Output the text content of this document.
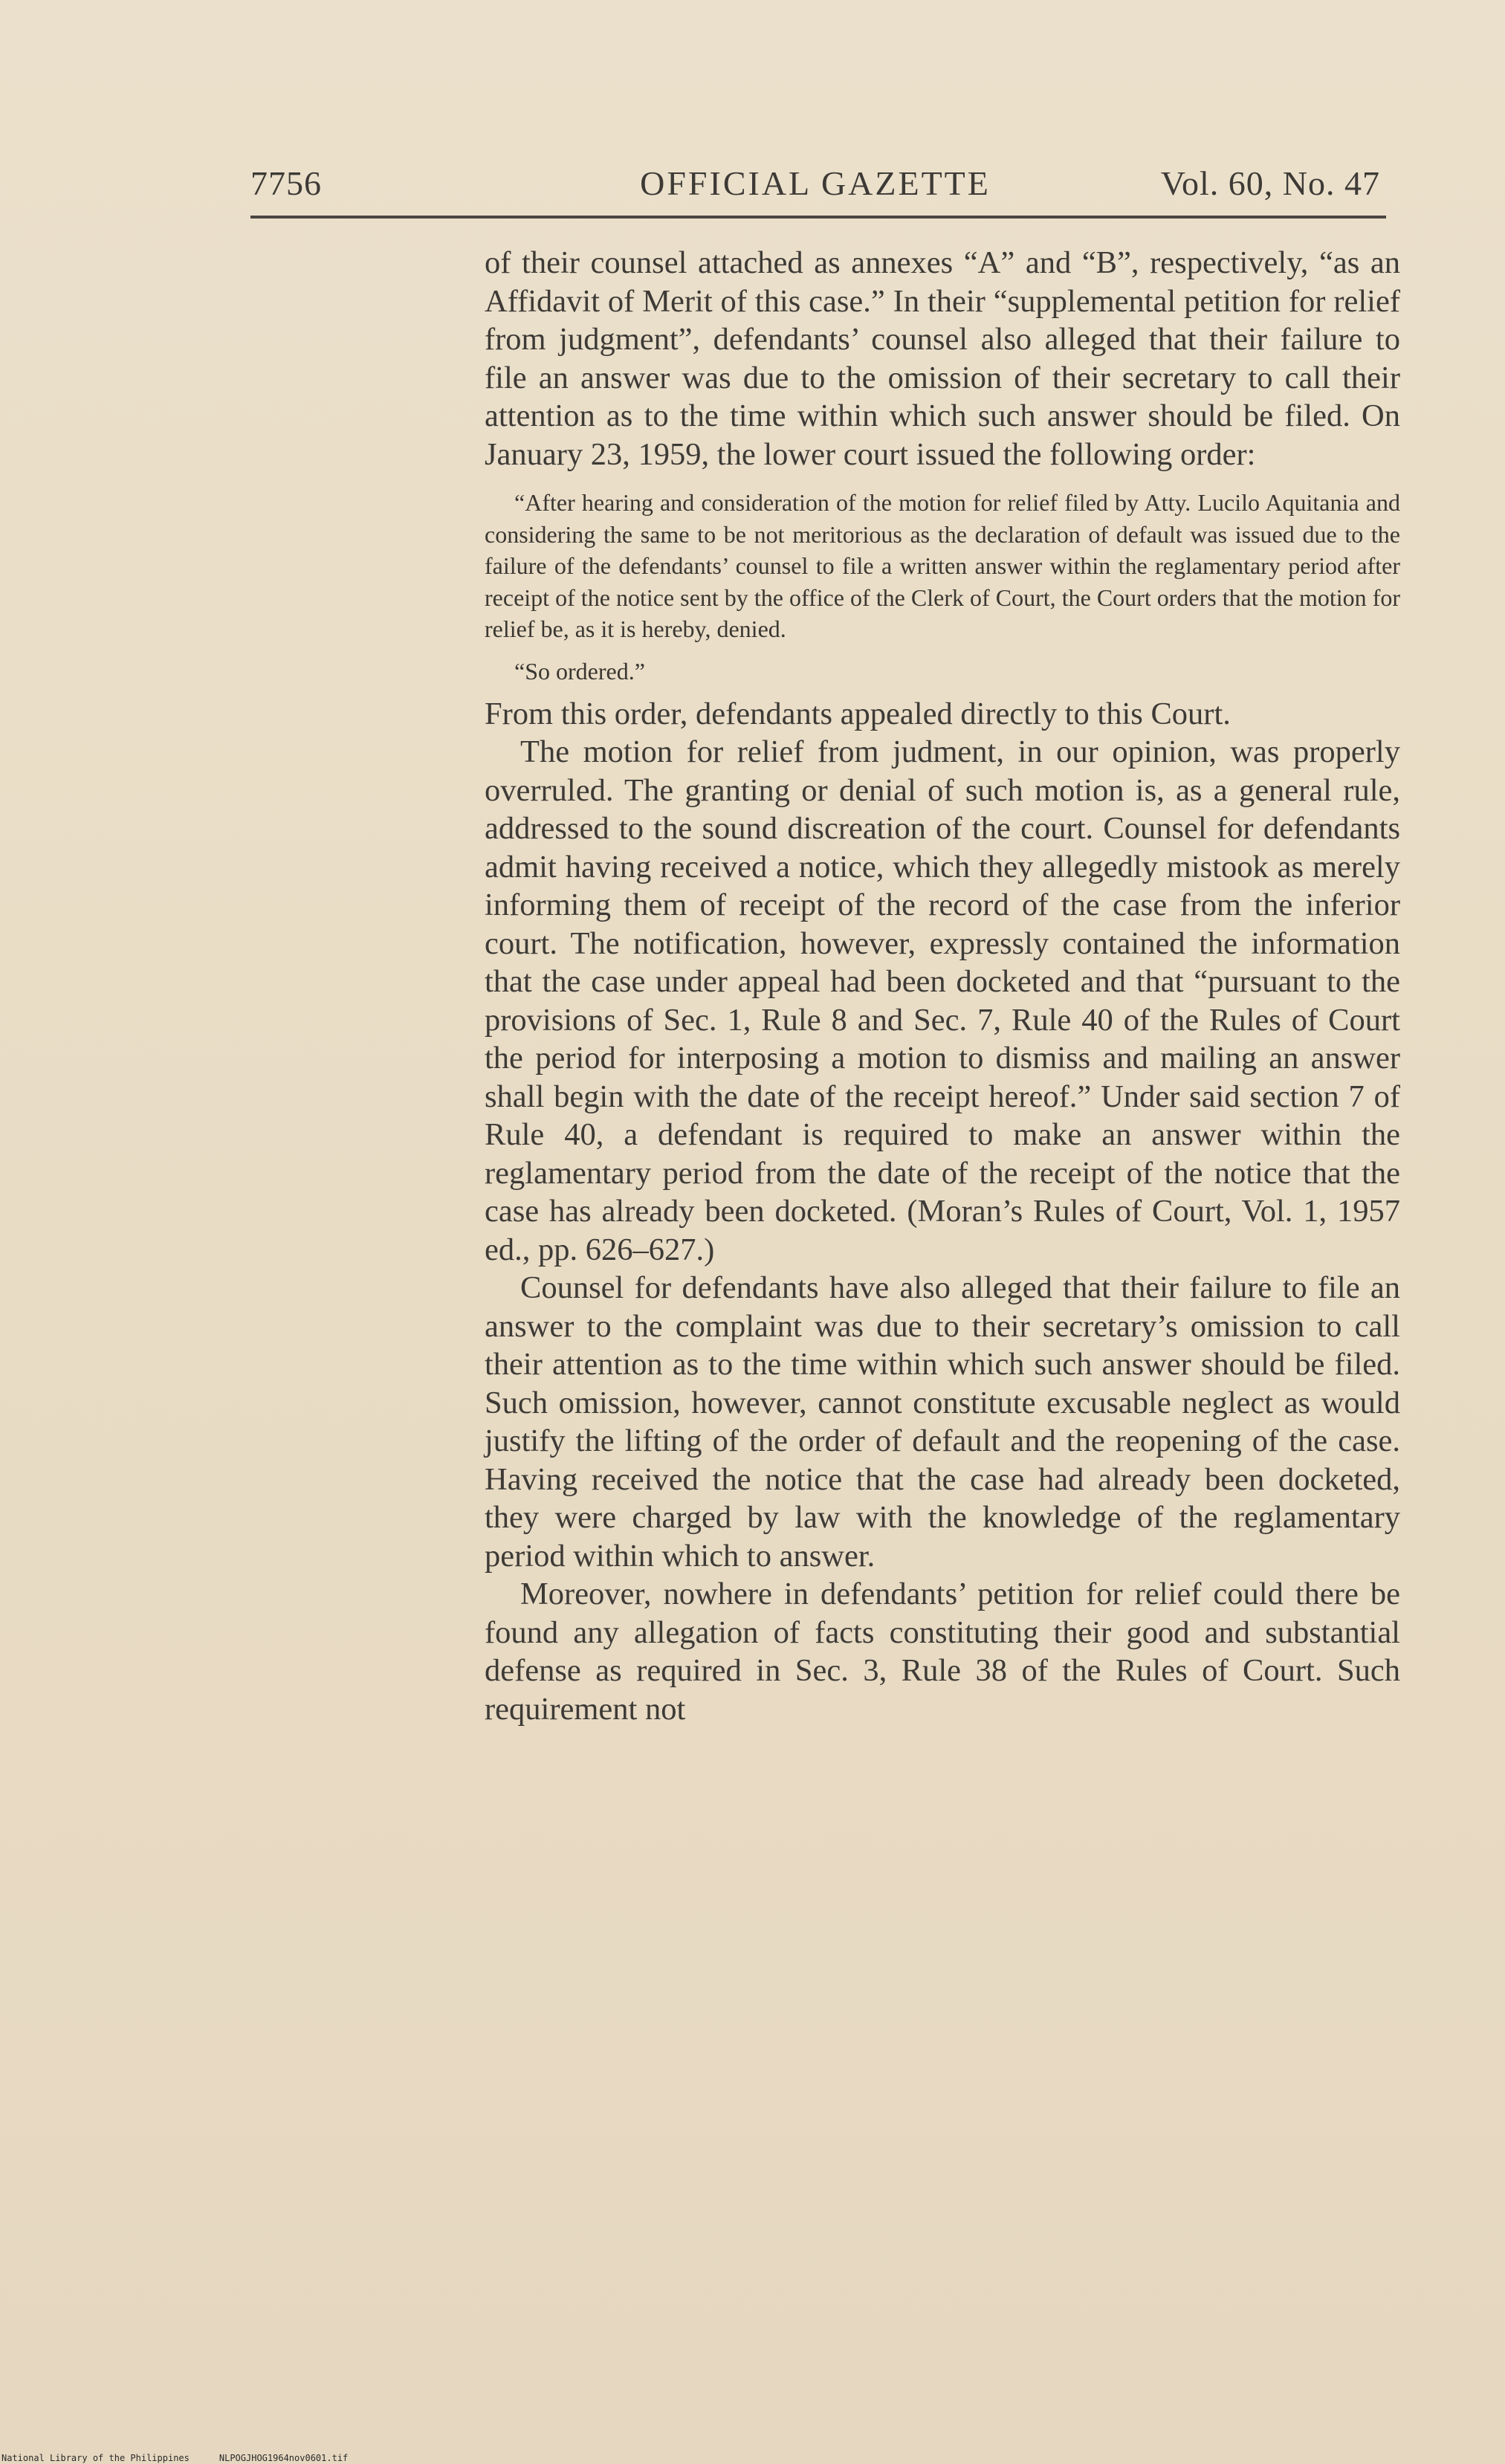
7756	OFFICIAL GAZETTE	Vol. 60, No. 47

of their counsel attached as annexes “A” and “B”, respectively, “as an Affidavit of Merit of this case.” In their “supplemental petition for relief from judgment”, defendants’ counsel also alleged that their failure to file an answer was due to the omission of their secretary to call their attention as to the time within which such answer should be filed. On January 23, 1959, the lower court issued the following order:

“After hearing and consideration of the motion for relief filed by Atty. Lucilo Aquitania and considering the same to be not meritorious as the declaration of default was issued due to the failure of the defendants’ counsel to file a written answer within the reglamentary period after receipt of the notice sent by the office of the Clerk of Court, the Court orders that the motion for relief be, as it is hereby, denied.

“So ordered.”

From this order, defendants appealed directly to this Court.

The motion for relief from judment, in our opinion, was properly overruled. The granting or denial of such motion is, as a general rule, addressed to the sound discreation of the court. Counsel for defendants admit having received a notice, which they allegedly mistook as merely informing them of receipt of the record of the case from the inferior court. The notification, however, expressly contained the information that the case under appeal had been docketed and that “pursuant to the provisions of Sec. 1, Rule 8 and Sec. 7, Rule 40 of the Rules of Court the period for interposing a motion to dismiss and mailing an answer shall begin with the date of the receipt hereof.” Under said section 7 of Rule 40, a defendant is required to make an answer within the reglamentary period from the date of the receipt of the notice that the case has already been docketed. (Moran’s Rules of Court, Vol. 1, 1957 ed., pp. 626–627.)

Counsel for defendants have also alleged that their failure to file an answer to the complaint was due to their secretary’s omission to call their attention as to the time within which such answer should be filed. Such omission, however, cannot constitute excusable neglect as would justify the lifting of the order of default and the reopening of the case. Having received the notice that the case had already been docketed, they were charged by law with the knowledge of the reglamentary period within which to answer.

Moreover, nowhere in defendants’ petition for relief could there be found any allegation of facts constituting their good and substantial defense as required in Sec. 3, Rule 38 of the Rules of Court. Such requirement not

National Library of the Philippines	NLPOGJHOG1964nov0601.tif
